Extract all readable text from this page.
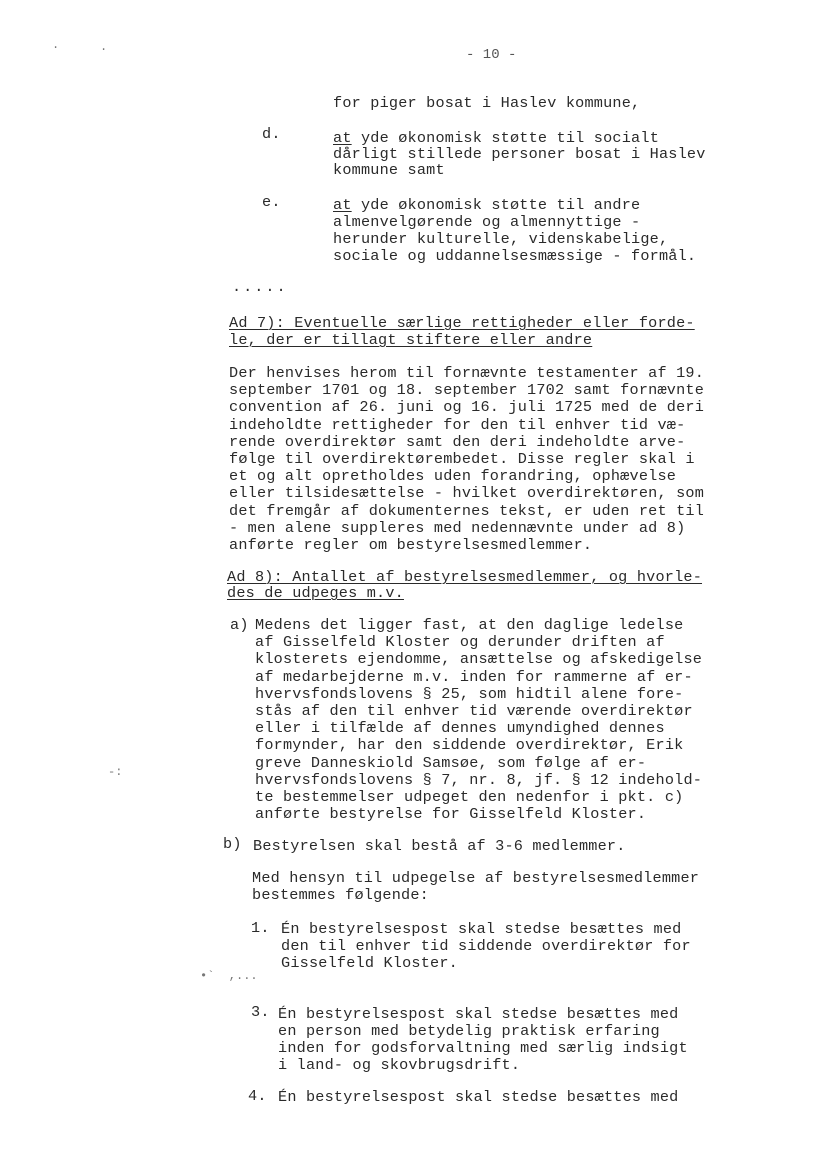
.	.
-:
•`  ,...
- 10 -
for piger bosat i Haslev kommune,
d.	at yde økonomisk støtte til socialt
dårligt stillede personer bosat i Haslev
kommune samt
e.	at yde økonomisk støtte til andre
almenvelgørende og almennyttige -
herunder kulturelle, videnskabelige,
sociale og uddannelsesmæssige - formål.
.....
Ad 7): Eventuelle særlige rettigheder eller forde-
le, der er tillagt stiftere eller andre
Der henvises herom til fornævnte testamenter af 19.
september 1701 og 18. september 1702 samt fornævnte
convention af 26. juni og 16. juli 1725 med de deri
indeholdte rettigheder for den til enhver tid væ-
rende overdirektør samt den deri indeholdte arve-
følge til overdirektørembedet. Disse regler skal i
et og alt opretholdes uden forandring, ophævelse
eller tilsidesættelse - hvilket overdirektøren, som
det fremgår af dokumenternes tekst, er uden ret til
- men alene suppleres med nedennævnte under ad 8)
anførte regler om bestyrelsesmedlemmer.
Ad 8): Antallet af bestyrelsesmedlemmer, og hvorle-
des de udpeges m.v.
a) Medens det ligger fast, at den daglige ledelse
af Gisselfeld Kloster og derunder driften af
klosterets ejendomme, ansættelse og afskedigelse
af medarbejderne m.v. inden for rammerne af er-
hvervsfondslovens § 25, som hidtil alene fore-
stås af den til enhver tid værende overdirektør
eller i tilfælde af dennes umyndighed dennes
formynder, har den siddende overdirektør, Erik
greve Danneskiold Samsøe, som følge af er-
hvervsfondslovens § 7, nr. 8, jf. § 12 indehold-
te bestemmelser udpeget den nedenfor i pkt. c)
anførte bestyrelse for Gisselfeld Kloster.
b) Bestyrelsen skal bestå af 3-6 medlemmer.
Med hensyn til udpegelse af bestyrelsesmedlemmer
bestemmes følgende:
1. Én bestyrelsespost skal stedse besættes med
den til enhver tid siddende overdirektør for
Gisselfeld Kloster.
3. Én bestyrelsespost skal stedse besættes med
en person med betydelig praktisk erfaring
inden for godsforvaltning med særlig indsigt
i land- og skovbrugsdrift.
4. Én bestyrelsespost skal stedse besættes med
